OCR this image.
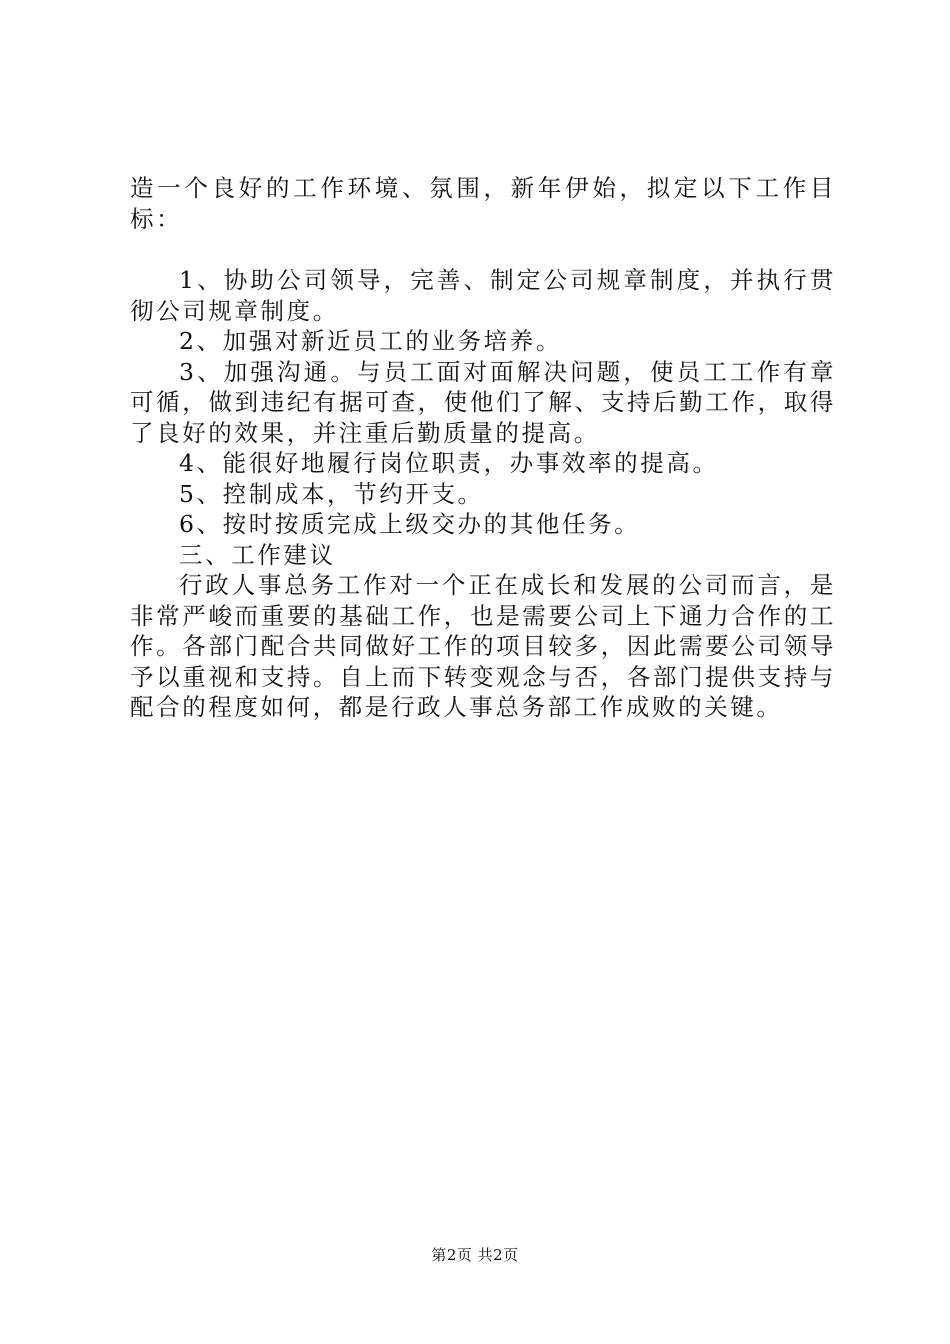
造一个良好的工作环境、氛围，新年伊始，拟定以下工作目标：

1、协助公司领导，完善、制定公司规章制度，并执行贯彻公司规章制度。

2、加强对新近员工的业务培养。

3、加强沟通。与员工面对面解决问题，使员工工作有章可循，做到违纪有据可查，使他们了解、支持后勤工作，取得了良好的效果，并注重后勤质量的提高。

4、能很好地履行岗位职责，办事效率的提高。

5、控制成本，节约开支。

6、按时按质完成上级交办的其他任务。

三、工作建议

行政人事总务工作对一个正在成长和发展的公司而言，是非常严峻而重要的基础工作，也是需要公司上下通力合作的工作。各部门配合共同做好工作的项目较多，因此需要公司领导予以重视和支持。自上而下转变观念与否，各部门提供支持与配合的程度如何，都是行政人事总务部工作成败的关键。

第2页 共2页
